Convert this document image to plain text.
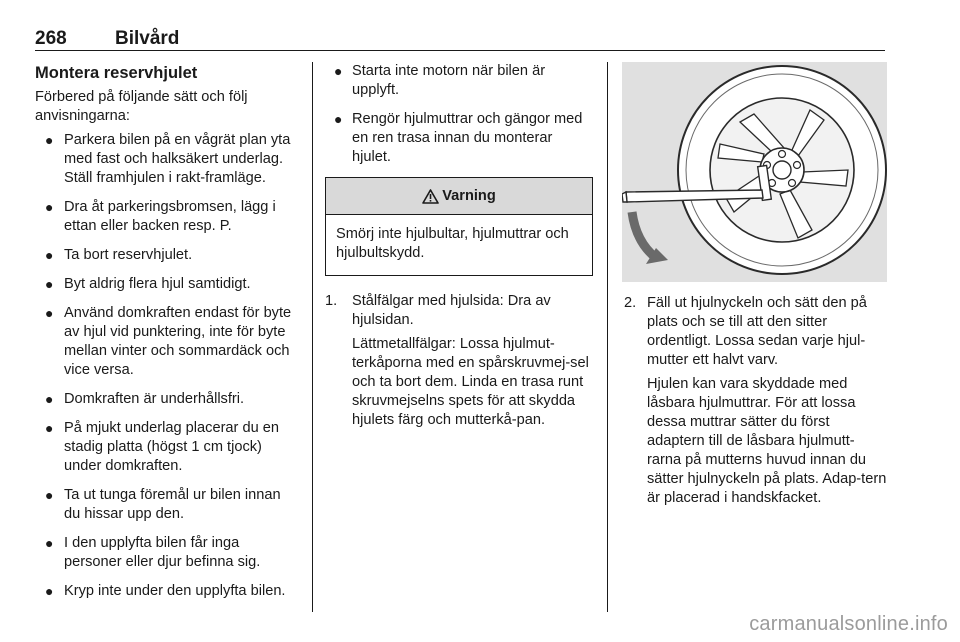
268	Bilvård
Montera reservhjulet

Förbered på följande sätt och följ anvisningarna:

● Parkera bilen på en vågrät plan yta med fast och halksäkert underlag. Ställ framhjulen i rakt-framläge.
● Dra åt parkeringsbromsen, lägg i ettan eller backen resp. P.
● Ta bort reservhjulet.
● Byt aldrig flera hjul samtidigt.
● Använd domkraften endast för byte av hjul vid punktering, inte för byte mellan vinter och sommardäck och vice versa.
● Domkraften är underhållsfri.
● På mjukt underlag placerar du en stadig platta (högst 1 cm tjock) under domkraften.
● Ta ut tunga föremål ur bilen innan du hissar upp den.
● I den upplyfta bilen får inga personer eller djur befinna sig.
● Kryp inte under den upplyfta bilen.
● Starta inte motorn när bilen är upplyft.
● Rengör hjulmuttrar och gängor med en ren trasa innan du monterar hjulet.
Varning
Smörj inte hjulbultar, hjulmuttrar och hjulbultskydd.
1. Stålfälgar med hjulsida: Dra av hjulsidan.

Lättmetallfälgar: Lossa hjulmut-terkåporna med en spårskruvmej-sel och ta bort dem. Linda en trasa runt skruvmejselns spets för att skydda hjulets färg och mutterkå-pan.

2. Fäll ut hjulnyckeln och sätt den på plats och se till att den sitter ordentligt. Lossa sedan varje hjul-mutter ett halvt varv.

Hjulen kan vara skyddade med låsbara hjulmuttrar. För att lossa dessa muttrar sätter du först adaptern till de låsbara hjulmutt-rarna på mutterns huvud innan du sätter hjulnyckeln på plats. Adap-tern är placerad i handskfacket.

carmanualsonline.info
